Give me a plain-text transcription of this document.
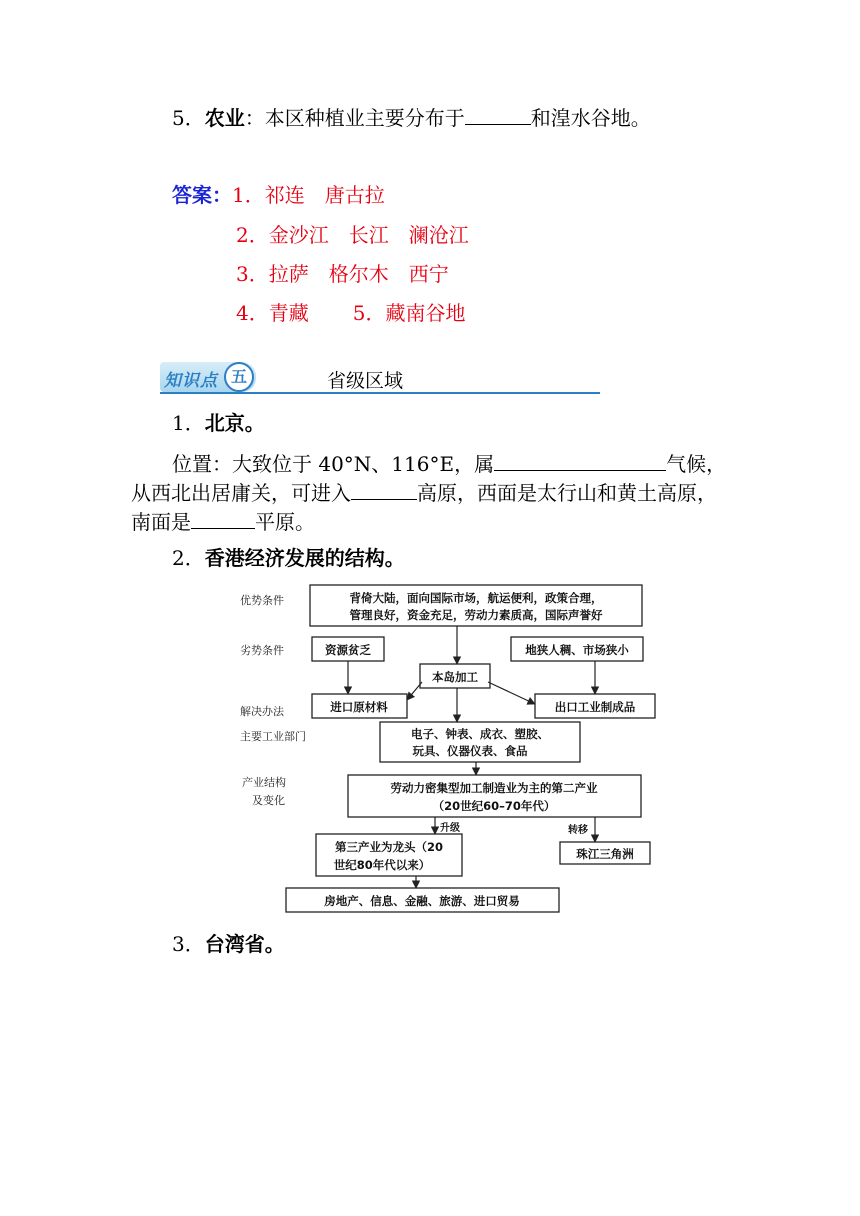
5．农业：本区种植业主要分布于	和湟水谷地。
答案：1．祁连　唐古拉
2．金沙江　长江　澜沧江
3．拉萨　格尔木　西宁
4．青藏 5．藏南谷地
知识点 五	省级区域
1．北京。
位置：大致位于 40°N、116°E，属	气候，
从西北出居庸关，可进入	高原，西面是太行山和黄土高原，
南面是	平原。
2．香港经济发展的结构。
优势条件
劣势条件
解决办法
主要工业部门
产业结构
及变化
背倚大陆，面向国际市场，航运便利，政策合理，
管理良好，资金充足，劳动力素质高，国际声誉好
资源贫乏	地狭人稠、市场狭小
本岛加工
进口原材料	出口工业制成品
电子、钟表、成衣、塑胶、
玩具、仪器仪表、食品
劳动力密集型加工制造业为主的第二产业
（20世纪60–70年代）
第三产业为龙头（20
世纪80年代以来）
珠江三角洲
房地产、信息、金融、旅游、进口贸易
升级	转移
3．台湾省。
